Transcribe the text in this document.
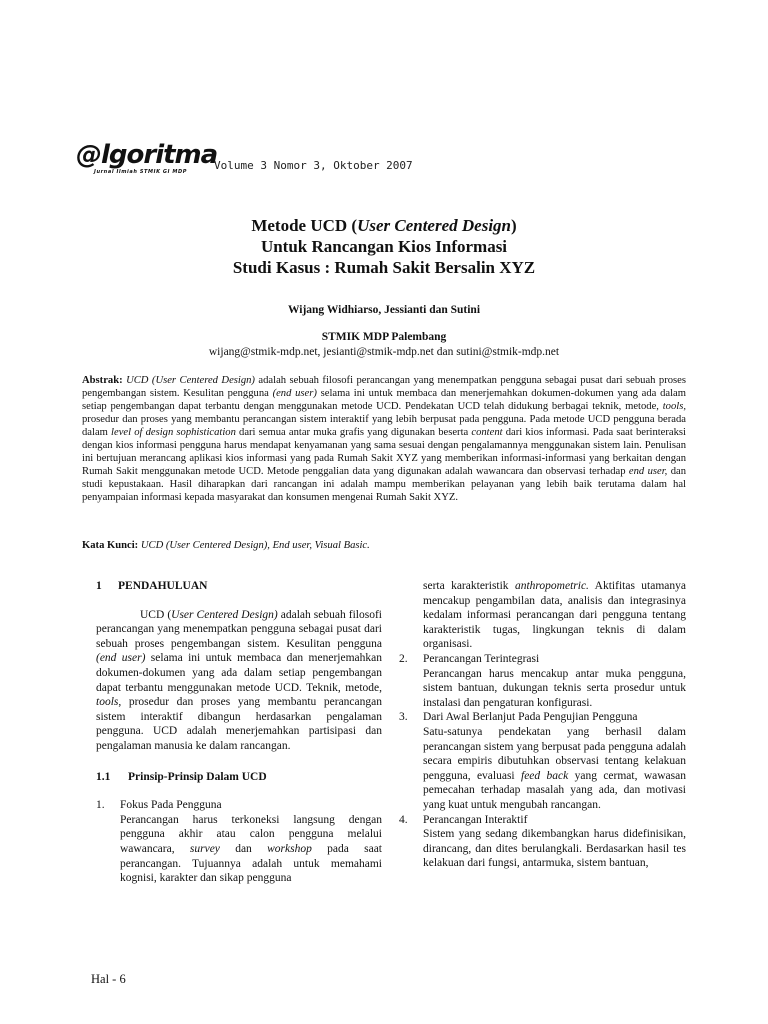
@lgoritma
Jurnal Ilmiah STMIK GI MDP Volume 3 Nomor 3, Oktober 2007
Metode UCD (User Centered Design)
Untuk Rancangan Kios Informasi
Studi Kasus : Rumah Sakit Bersalin XYZ
Wijang Widhiarso, Jessianti dan Sutini
STMIK MDP Palembang
wijang@stmik-mdp.net, jesianti@stmik-mdp.net dan sutini@stmik-mdp.net
Abstrak: UCD (User Centered Design) adalah sebuah filosofi perancangan yang menempatkan pengguna sebagai pusat dari sebuah proses pengembangan sistem. Kesulitan pengguna (end user) selama ini untuk membaca dan menerjemahkan dokumen-dokumen yang ada dalam setiap pengembangan dapat terbantu dengan menggunakan metode UCD. Pendekatan UCD telah didukung berbagai teknik, metode, tools, prosedur dan proses yang membantu perancangan sistem interaktif yang lebih berpusat pada pengguna. Pada metode UCD pengguna berada dalam level of design sophistication dari semua antar muka grafis yang digunakan beserta content dari kios informasi. Pada saat berinteraksi dengan kios informasi pengguna harus mendapat kenyamanan yang sama sesuai dengan pengalamannya menggunakan sistem lain. Penulisan ini bertujuan merancang aplikasi kios informasi yang pada Rumah Sakit XYZ yang memberikan informasi-informasi yang berkaitan dengan Rumah Sakit menggunakan metode UCD. Metode penggalian data yang digunakan adalah wawancara dan observasi terhadap end user, dan studi kepustakaan. Hasil diharapkan dari rancangan ini adalah mampu memberikan pelayanan yang lebih baik terutama dalam hal penyampaian informasi kepada masyarakat dan konsumen mengenai Rumah Sakit XYZ.
Kata Kunci: UCD (User Centered Design), End user, Visual Basic.
1	PENDAHULUAN

UCD (User Centered Design) adalah sebuah filosofi perancangan yang menempatkan pengguna sebagai pusat dari sebuah proses pengembangan sistem. Kesulitan pengguna (end user) selama ini untuk membaca dan menerjemahkan dokumen-dokumen yang ada dalam setiap pengembangan dapat terbantu menggunakan metode UCD. Teknik, metode, tools, prosedur dan proses yang membantu perancangan sistem interaktif dibangun herdasarkan pengalaman pengguna. UCD adalah menerjemahkan partisipasi dan pengalaman manusia ke dalam rancangan.

1.1	Prinsip-Prinsip Dalam UCD
1.	Fokus Pada Pengguna
Perancangan harus terkoneksi langsung dengan pengguna akhir atau calon pengguna melalui wawancara, survey dan workshop pada saat perancangan. Tujuannya adalah untuk memahami kognisi, karakter dan sikap pengguna
serta karakteristik anthropometric. Aktifitas utamanya mencakup pengambilan data, analisis dan integrasinya kedalam informasi perancangan dari pengguna tentang karakteristik tugas, lingkungan teknis di dalam organisasi.
2.	Perancangan Terintegrasi
Perancangan harus mencakup antar muka pengguna, sistem bantuan, dukungan teknis serta prosedur untuk instalasi dan pengaturan konfigurasi.
3.	Dari Awal Berlanjut Pada Pengujian Pengguna
Satu-satunya pendekatan yang berhasil dalam perancangan sistem yang berpusat pada pengguna adalah secara empiris dibutuhkan observasi tentang kelakuan pengguna, evaluasi feed back yang cermat, wawasan pemecahan terhadap masalah yang ada, dan motivasi yang kuat untuk mengubah rancangan.
4.	Perancangan Interaktif
Sistem yang sedang dikembangkan harus didefinisikan, dirancang, dan dites berulangkali. Berdasarkan hasil tes kelakuan dari fungsi, antarmuka, sistem bantuan,
Hal - 6
